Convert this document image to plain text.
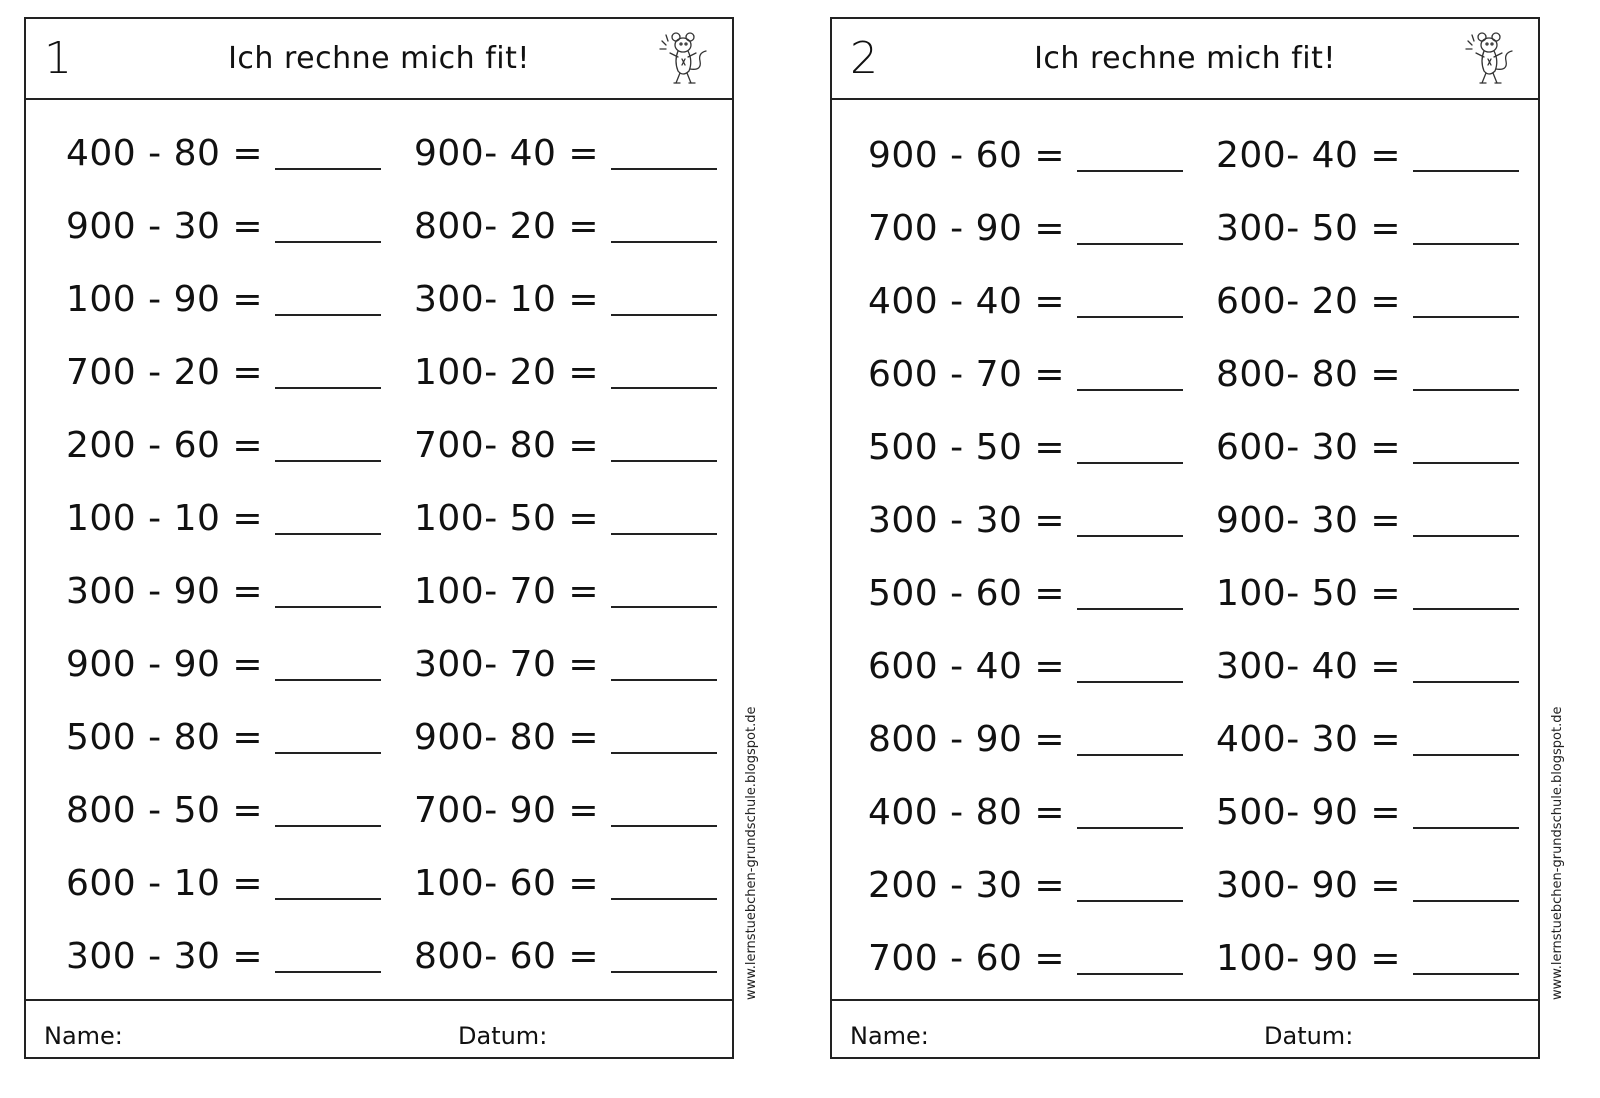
1	Ich rechne mich fit!
400 - 80 =
900 - 30 =
100 - 90 =
700 - 20 =
200 - 60 =
100 - 10 =
300 - 90 =
900 - 90 =
500 - 80 =
800 - 50 =
600 - 10 =
300 - 30 =
900- 40 =
800- 20 =
300- 10 =
100- 20 =
700- 80 =
100- 50 =
100- 70 =
300- 70 =
900- 80 =
700- 90 =
100- 60 =
800- 60 =
Name:	Datum:
www.lernstuebchen-grundschule.blogspot.de
2	Ich rechne mich fit!
900 - 60 =
700 - 90 =
400 - 40 =
600 - 70 =
500 - 50 =
300 - 30 =
500 - 60 =
600 - 40 =
800 - 90 =
400 - 80 =
200 - 30 =
700 - 60 =
200- 40 =
300- 50 =
600- 20 =
800- 80 =
600- 30 =
900- 30 =
100- 50 =
300- 40 =
400- 30 =
500- 90 =
300- 90 =
100- 90 =
Name:	Datum:
www.lernstuebchen-grundschule.blogspot.de
